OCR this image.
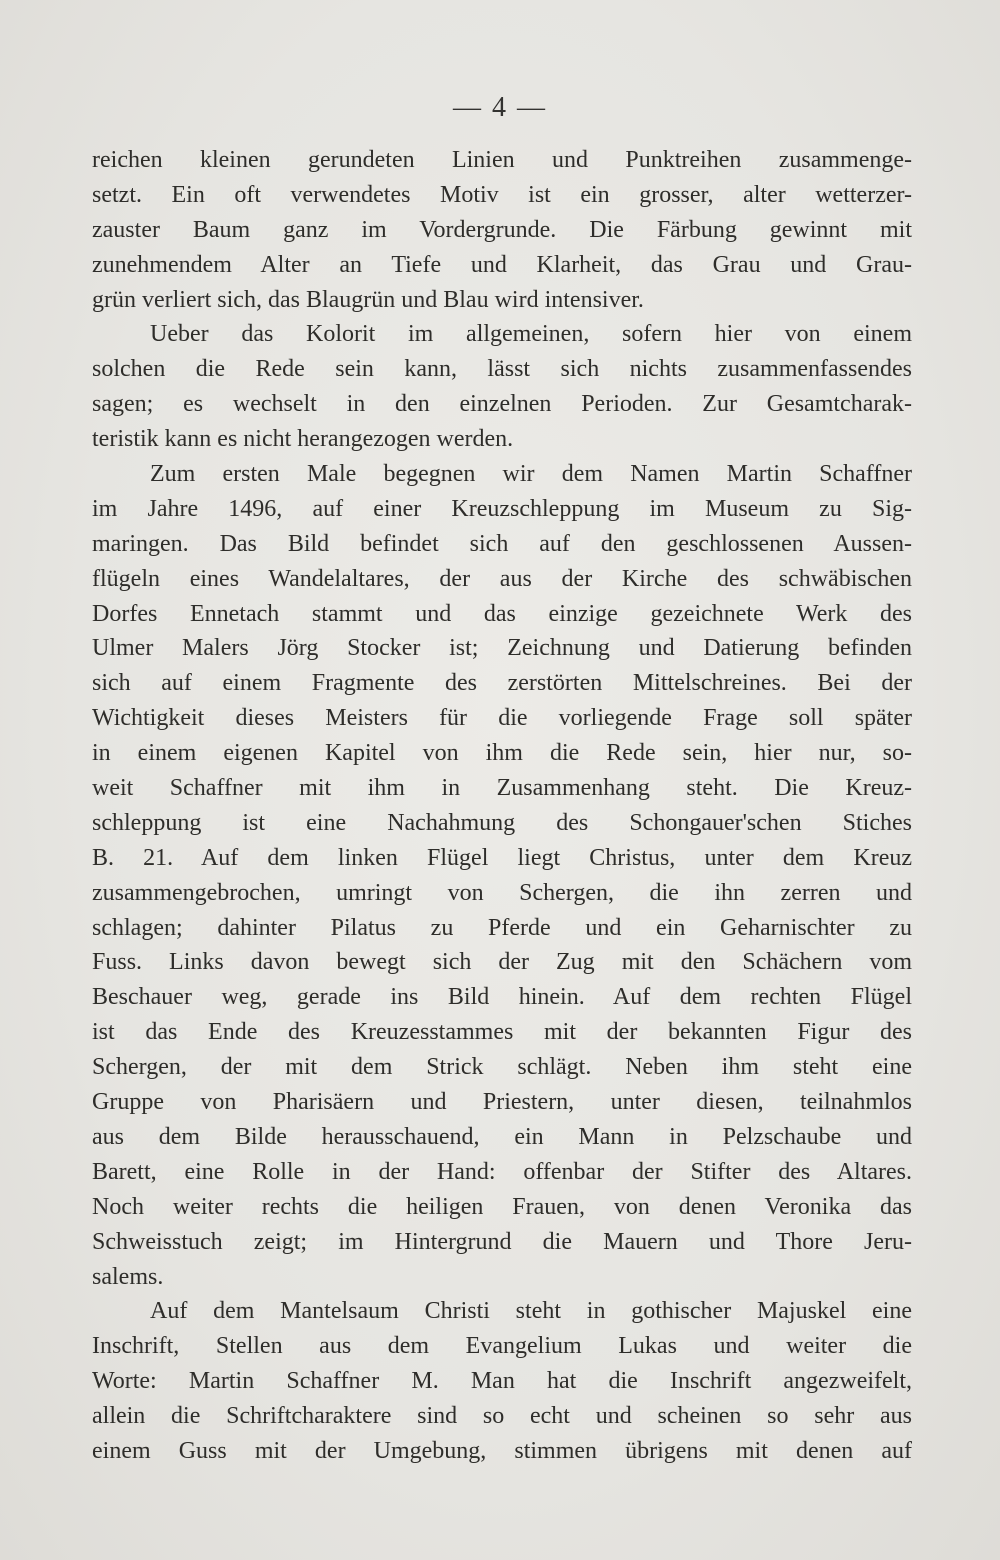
— 4 —
reichen kleinen gerundeten Linien und Punktreihen zusammenge-
setzt. Ein oft verwendetes Motiv ist ein grosser, alter wetterzer-
zauster Baum ganz im Vordergrunde. Die Färbung gewinnt mit
zunehmendem Alter an Tiefe und Klarheit, das Grau und Grau-
grün verliert sich, das Blaugrün und Blau wird intensiver.
Ueber das Kolorit im allgemeinen, sofern hier von einem
solchen die Rede sein kann, lässt sich nichts zusammenfassendes
sagen; es wechselt in den einzelnen Perioden. Zur Gesamtcharak-
teristik kann es nicht herangezogen werden.
Zum ersten Male begegnen wir dem Namen Martin Schaffner
im Jahre 1496, auf einer Kreuzschleppung im Museum zu Sig-
maringen. Das Bild befindet sich auf den geschlossenen Aussen-
flügeln eines Wandelaltares, der aus der Kirche des schwäbischen
Dorfes Ennetach stammt und das einzige gezeichnete Werk des
Ulmer Malers Jörg Stocker ist; Zeichnung und Datierung befinden
sich auf einem Fragmente des zerstörten Mittelschreines. Bei der
Wichtigkeit dieses Meisters für die vorliegende Frage soll später
in einem eigenen Kapitel von ihm die Rede sein, hier nur, so-
weit Schaffner mit ihm in Zusammenhang steht. Die Kreuz-
schleppung ist eine Nachahmung des Schongauer'schen Stiches
B. 21. Auf dem linken Flügel liegt Christus, unter dem Kreuz
zusammengebrochen, umringt von Schergen, die ihn zerren und
schlagen; dahinter Pilatus zu Pferde und ein Geharnischter zu
Fuss. Links davon bewegt sich der Zug mit den Schächern vom
Beschauer weg, gerade ins Bild hinein. Auf dem rechten Flügel
ist das Ende des Kreuzesstammes mit der bekannten Figur des
Schergen, der mit dem Strick schlägt. Neben ihm steht eine
Gruppe von Pharisäern und Priestern, unter diesen, teilnahmlos
aus dem Bilde herausschauend, ein Mann in Pelzschaube und
Barett, eine Rolle in der Hand: offenbar der Stifter des Altares.
Noch weiter rechts die heiligen Frauen, von denen Veronika das
Schweisstuch zeigt; im Hintergrund die Mauern und Thore Jeru-
salems.
Auf dem Mantelsaum Christi steht in gothischer Majuskel eine
Inschrift, Stellen aus dem Evangelium Lukas und weiter die
Worte: Martin Schaffner M. Man hat die Inschrift angezweifelt,
allein die Schriftcharaktere sind so echt und scheinen so sehr aus
einem Guss mit der Umgebung, stimmen übrigens mit denen auf
